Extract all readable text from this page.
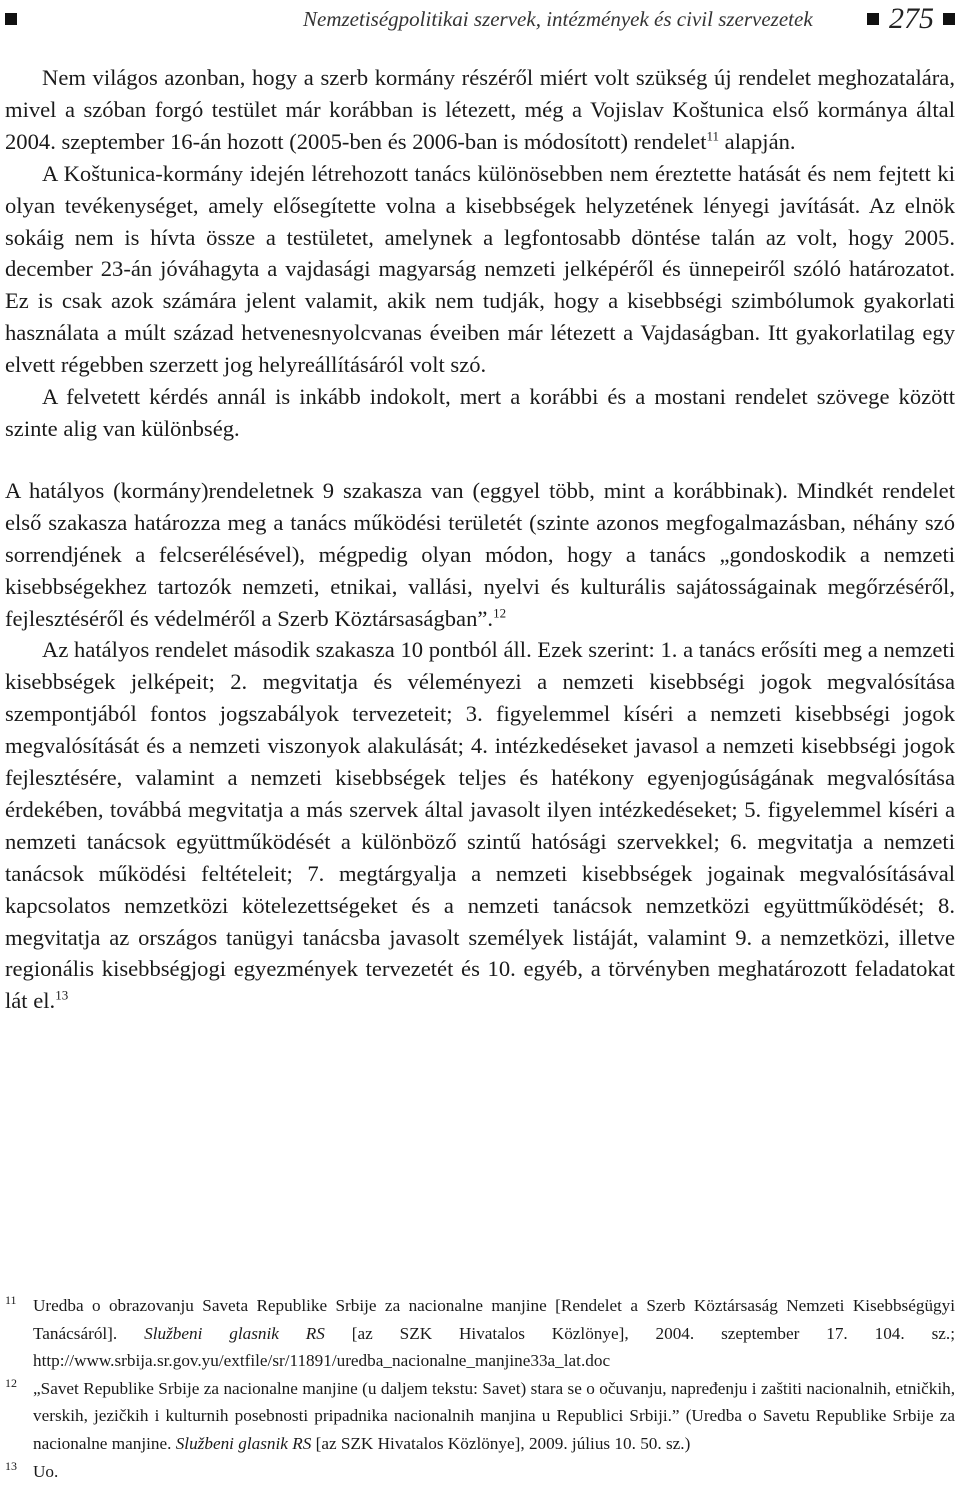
Nemzetiségpolitikai szervek, intézmények és civil szervezetek	275

Nem világos azonban, hogy a szerb kormány részéről miért volt szükség új rendelet meghozatalára, mivel a szóban forgó testület már korábban is létezett, még a Vojislav Koštunica első kormánya által 2004. szeptember 16-án hozott (2005-ben és 2006-ban is módosított) rendelet$^{11}$ alapján.

A Koštunica-kormány idején létrehozott tanács különösebben nem éreztette hatását és nem fejtett ki olyan tevékenységet, amely elősegítette volna a kisebbségek helyzetének lényegi javítását. Az elnök sokáig nem is hívta össze a testületet, amelynek a legfontosabb döntése talán az volt, hogy 2005. december 23-án jóváhagyta a vajdasági magyarság nemzeti jelképéről és ünnepeiről szóló határozatot. Ez is csak azok számára jelent valamit, akik nem tudják, hogy a kisebbségi szimbólumok gyakorlati használata a múlt század hetvenesnyolcvanas éveiben már létezett a Vajdaságban. Itt gyakorlatilag egy elvett régebben szerzett jog helyreállításáról volt szó.

A felvetett kérdés annál is inkább indokolt, mert a korábbi és a mostani rendelet szövege között szinte alig van különbség.

A hatályos (kormány)rendeletnek 9 szakasza van (eggyel több, mint a korábbinak). Mindkét rendelet első szakasza határozza meg a tanács működési területét (szinte azonos megfogalmazásban, néhány szó sorrendjének a felcserélésével), mégpedig olyan módon, hogy a tanács „gondoskodik a nemzeti kisebbségekhez tartozók nemzeti, etnikai, vallási, nyelvi és kulturális sajátosságainak megőrzéséről, fejlesztéséről és védelméről a Szerb Köztársaságban”.$^{12}$

Az hatályos rendelet második szakasza 10 pontból áll. Ezek szerint: 1. a tanács erősíti meg a nemzeti kisebbségek jelképeit; 2. megvitatja és véleményezi a nemzeti kisebbségi jogok megvalósítása szempontjából fontos jogszabályok tervezeteit; 3. figyelemmel kíséri a nemzeti kisebbségi jogok megvalósítását és a nemzeti viszonyok alakulását; 4. intézkedéseket javasol a nemzeti kisebbségi jogok fejlesztésére, valamint a nemzeti kisebbségek teljes és hatékony egyenjogúságának megvalósítása érdekében, továbbá megvitatja a más szervek által javasolt ilyen intézkedéseket; 5. figyelemmel kíséri a nemzeti tanácsok együttműködését a különböző szintű hatósági szervekkel; 6. megvitatja a nemzeti tanácsok működési feltételeit; 7. megtárgyalja a nemzeti kisebbségek jogainak megvalósításával kapcsolatos nemzetközi kötelezettségeket és a nemzeti tanácsok nemzetközi együttműködését; 8. megvitatja az országos tanügyi tanácsba javasolt személyek listáját, valamint 9. a nemzetközi, illetve regionális kisebbségjogi egyezmények tervezetét és 10. egyéb, a törvényben meghatározott feladatokat lát el.$^{13}$

11 Uredba o obrazovanju Saveta Republike Srbije za nacionalne manjine [Rendelet a Szerb Köztársaság Nemzeti Kisebbségügyi Tanácsáról]. Službeni glasnik RS [az SZK Hivatalos Közlönye], 2004. szeptember 17. 104. sz.; http://www.srbija.sr.gov.yu/extfile/sr/11891/uredba_nacionalne_manjine33a_lat.doc
12 „Savet Republike Srbije za nacionalne manjine (u daljem tekstu: Savet) stara se o očuvanju, napređenju i zaštiti nacionalnih, etničkih, verskih, jezičkih i kulturnih posebnosti pripadnika nacionalnih manjina u Republici Srbiji.” (Uredba o Savetu Republike Srbije za nacionalne manjine. Službeni glasnik RS [az SZK Hivatalos Közlönye], 2009. július 10. 50. sz.)
13 Uo.
